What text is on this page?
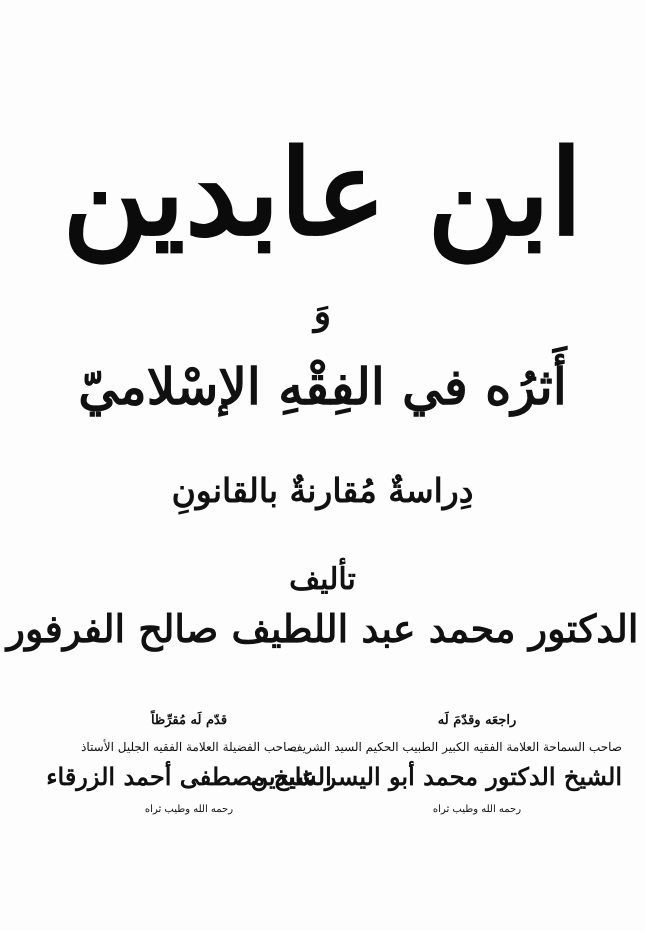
ابن عابدين
وَ
أَثرُه في الفِقْهِ الإسْلاميّ
دِراسةٌ مُقارنةٌ بالقانونِ
تأليف
الدكتور محمد عبد اللطيف صالح الفرفور
راجعَه وقدّمَ لَه
صاحب السماحة العلامة الفقيه الكبير الطبيب الحكيم السيد الشريف
الشيخ الدكتور محمد أبو اليسر عابدين
رحمه الله وطيب ثراه
قدّم لَه مُقرِّظاً
صاحب الفضيلة العلامة الفقيه الجليل الأستاذ
الشيخ مصطفى أحمد الزرقاء
رحمه الله وطيب ثراه
